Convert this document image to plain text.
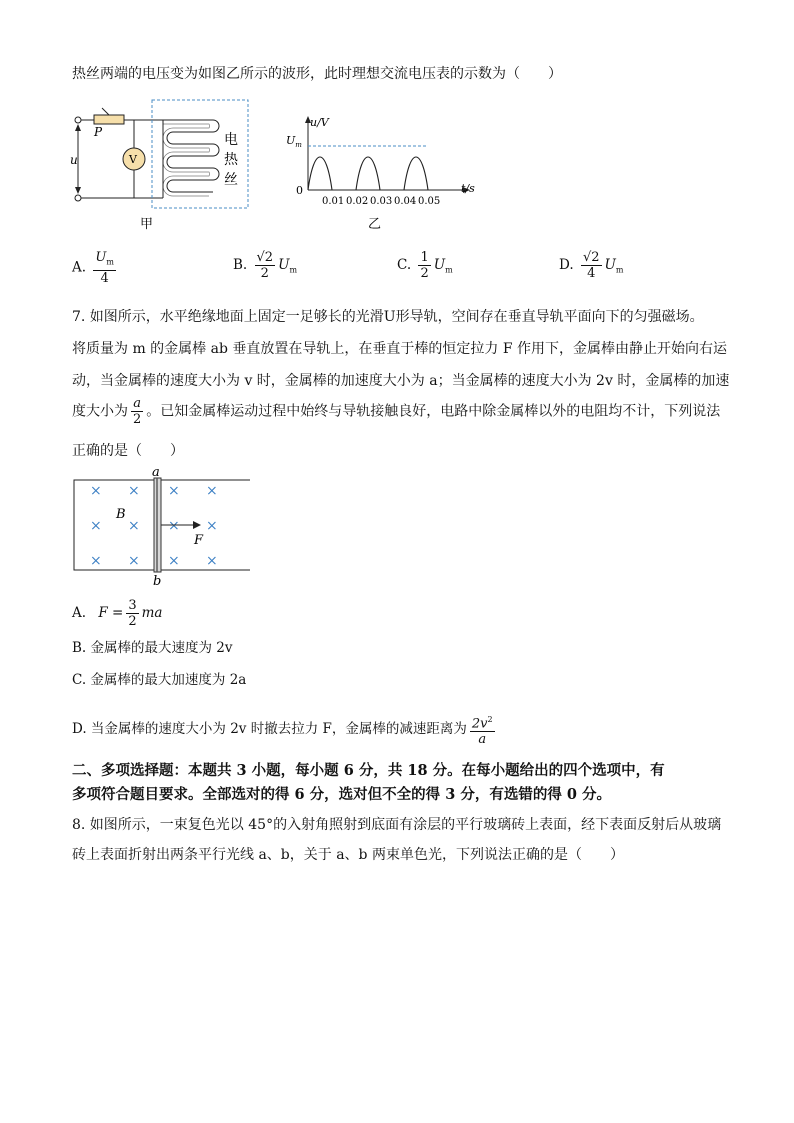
热丝两端的电压变为如图乙所示的波形，此时理想交流电压表的示数为（　　）
P
u	V
电
热
丝
甲
u/V
t/s
0
$U_m$
0.01 0.02 0.03 0.04 0.05
乙
A. $\frac{U_m}{4}$	B. $\frac{√2}{2} U_m$	C. $\frac{1}{2} U_m$	D. $\frac{√2}{4} U_m$
7. 如图所示，水平绝缘地面上固定一足够长的光滑U形导轨，空间存在垂直导轨平面向下的匀强磁场。
将质量为 m 的金属棒 ab 垂直放置在导轨上，在垂直于棒的恒定拉力 F 作用下，金属棒由静止开始向右运
动，当金属棒的速度大小为 v 时，金属棒的加速度大小为 a；当金属棒的速度大小为 2v 时，金属棒的加速
度大小为 $\frac{a}{2}$ 。已知金属棒运动过程中始终与导轨接触良好，电路中除金属棒以外的电阻均不计，下列说法
正确的是（　　）
a
b
× × × ×
× × × ×
× × × ×
B
F
A. $F = \frac{3}{2}$ ma
B. 金属棒的最大速度为 2v
C. 金属棒的最大加速度为 2a
D. 当金属棒的速度大小为 2v 时撤去拉力 F，金属棒的减速距离为 $\frac{2v^2}{a}$
二、多项选择题：本题共 3 小题，每小题 6 分，共 18 分。在每小题给出的四个选项中，有
多项符合题目要求。全部选对的得 6 分，选对但不全的得 3 分，有选错的得 0 分。
8. 如图所示，一束复色光以 45°的入射角照射到底面有涂层的平行玻璃砖上表面，经下表面反射后从玻璃
砖上表面折射出两条平行光线 a、b，关于 a、b 两束单色光，下列说法正确的是（　　）
